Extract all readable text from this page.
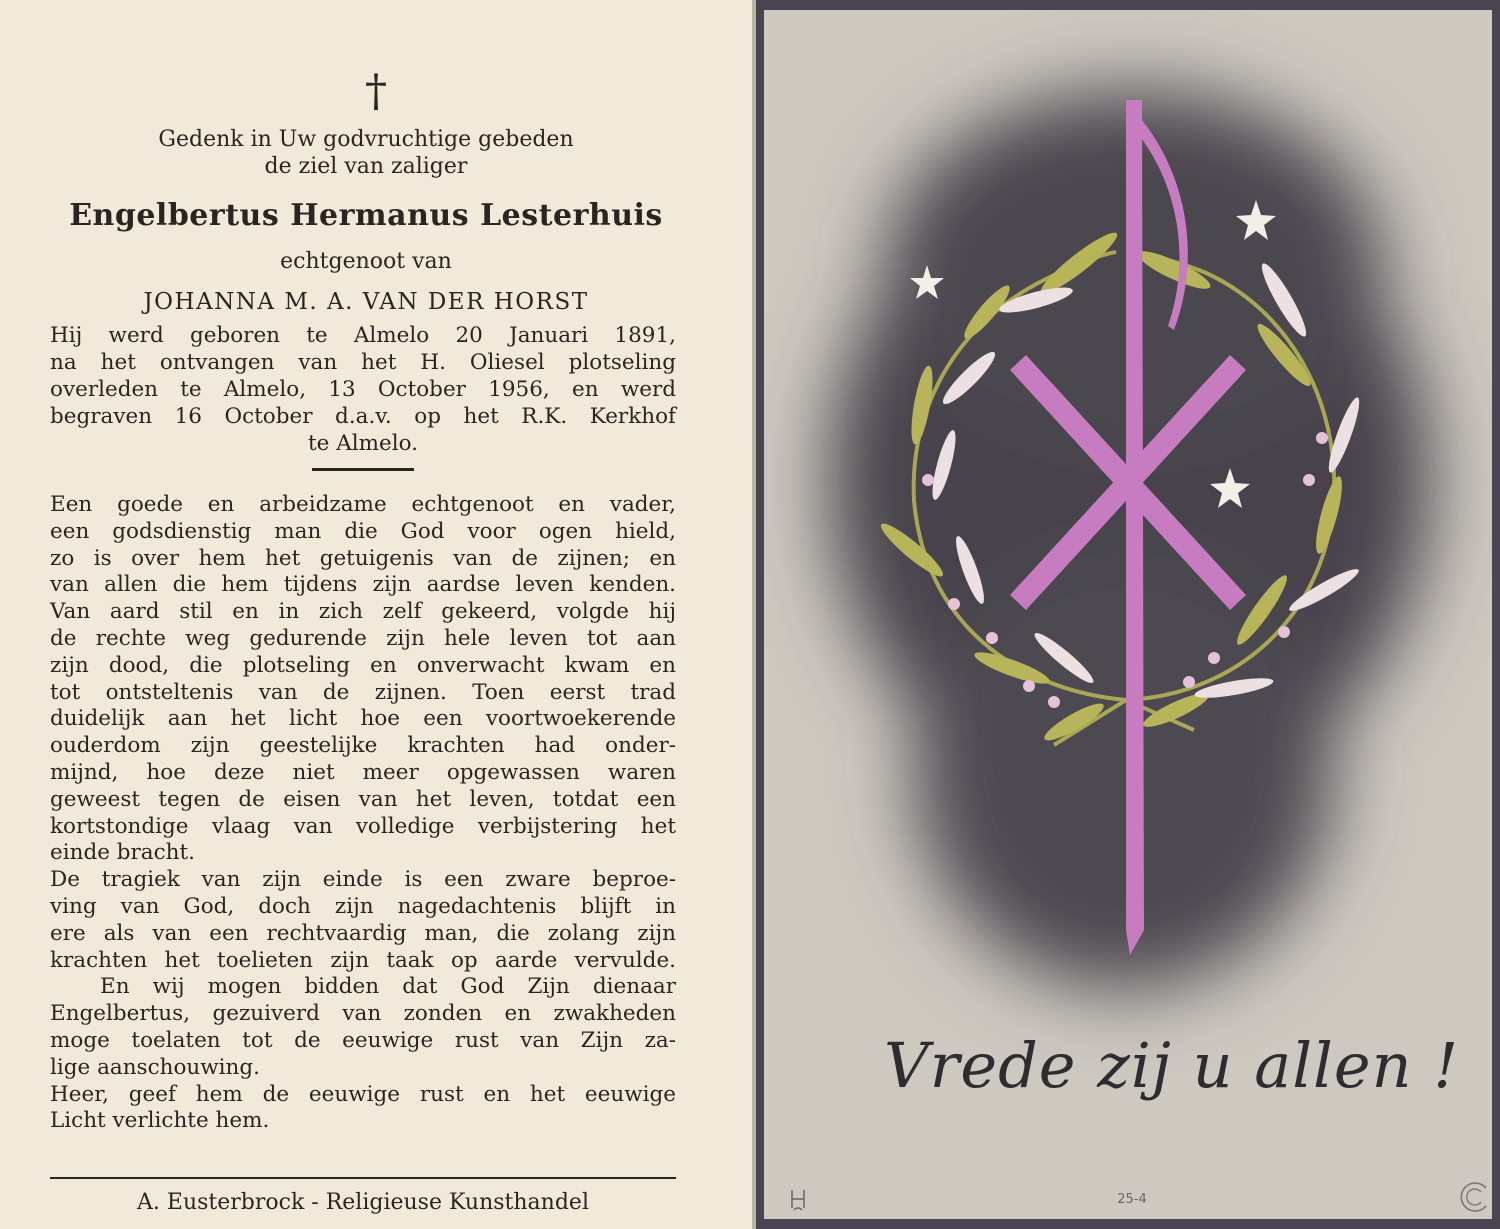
†
Gedenk in Uw godvruchtige gebeden
de ziel van zaliger
Engelbertus Hermanus Lesterhuis
echtgenoot van
JOHANNA M. A. VAN DER HORST
Hij werd geboren te Almelo 20 Januari 1891,
na het ontvangen van het H. Oliesel plotseling
overleden te Almelo, 13 October 1956, en werd
begraven 16 October d.a.v. op het R.K. Kerkhof
te Almelo.
Een goede en arbeidzame echtgenoot en vader,
een godsdienstig man die God voor ogen hield,
zo is over hem het getuigenis van de zijnen; en
van allen die hem tijdens zijn aardse leven kenden.
Van aard stil en in zich zelf gekeerd, volgde hij
de rechte weg gedurende zijn hele leven tot aan
zijn dood, die plotseling en onverwacht kwam en
tot ontsteltenis van de zijnen. Toen eerst trad
duidelijk aan het licht hoe een voortwoekerende
ouderdom zijn geestelijke krachten had onder-
mijnd, hoe deze niet meer opgewassen waren
geweest tegen de eisen van het leven, totdat een
kortstondige vlaag van volledige verbijstering het
einde bracht.
De tragiek van zijn einde is een zware beproe-
ving van God, doch zijn nagedachtenis blijft in
ere als van een rechtvaardig man, die zolang zijn
krachten het toelieten zijn taak op aarde vervulde.
En wij mogen bidden dat God Zijn dienaar
Engelbertus, gezuiverd van zonden en zwakheden
moge toelaten tot de eeuwige rust van Zijn za-
lige aanschouwing.
Heer, geef hem de eeuwige rust en het eeuwige
Licht verlichte hem.
A. Eusterbrock - Religieuse Kunsthandel
Vrede zij u allen !
25-4
